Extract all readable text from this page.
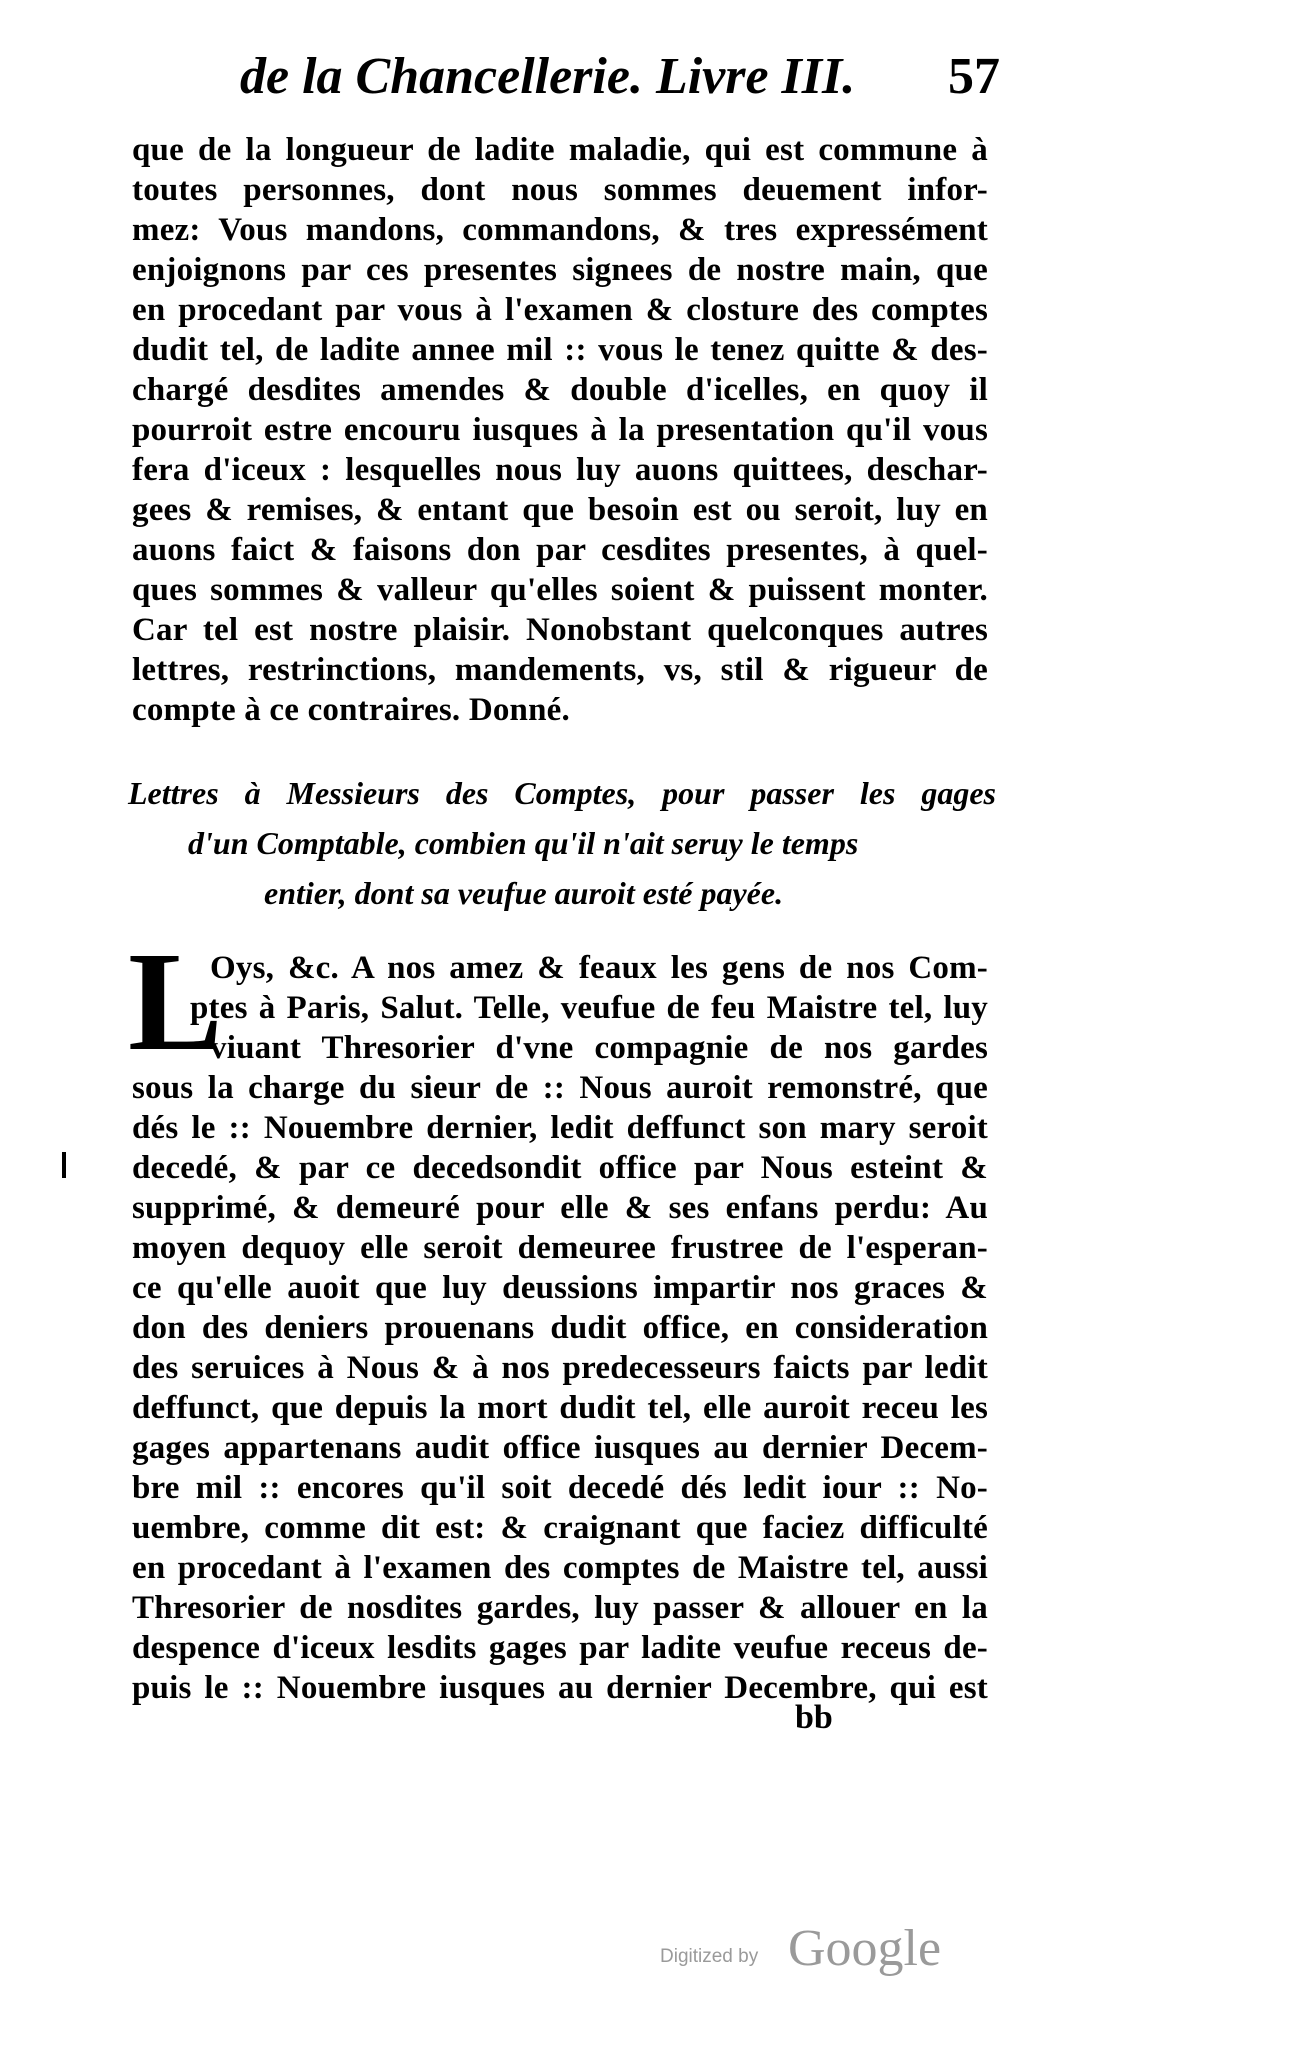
de la Chancellerie. Livre III. 57
que de la longueur de ladite maladie, qui est commune à
toutes personnes, dont nous sommes deuement infor-
mez: Vous mandons, commandons, & tres expressément
enjoignons par ces presentes signees de nostre main, que
en procedant par vous à l'examen & closture des comptes
dudit tel, de ladite annee mil :: vous le tenez quitte & des-
chargé desdites amendes & double d'icelles, en quoy il
pourroit estre encouru iusques à la presentation qu'il vous
fera d'iceux : lesquelles nous luy auons quittees, deschar-
gees & remises, & entant que besoin est ou seroit, luy en
auons faict & faisons don par cesdites presentes, à quel-
ques sommes & valleur qu'elles soient & puissent monter.
Car tel est nostre plaisir. Nonobstant quelconques autres
lettres, restrinctions, mandements, vs, stil & rigueur de
compte à ce contraires. Donné.
Lettres à Messieurs des Comptes, pour passer les gages
d'un Comptable, combien qu'il n'ait seruy le temps
entier, dont sa veufue auroit esté payée.
L
Oys, &c. A nos amez & feaux les gens de nos Com-
ptes à Paris, Salut. Telle, veufue de feu Maistre tel, luy
viuant Thresorier d'vne compagnie de nos gardes
sous la charge du sieur de :: Nous auroit remonstré, que
dés le :: Nouembre dernier, ledit deffunct son mary seroit
decedé, & par ce decedsondit office par Nous esteint &
supprimé, & demeuré pour elle & ses enfans perdu: Au
moyen dequoy elle seroit demeuree frustree de l'esperan-
ce qu'elle auoit que luy deussions impartir nos graces &
don des deniers prouenans dudit office, en consideration
des seruices à Nous & à nos predecesseurs faicts par ledit
deffunct, que depuis la mort dudit tel, elle auroit receu les
gages appartenans audit office iusques au dernier Decem-
bre mil :: encores qu'il soit decedé dés ledit iour :: No-
uembre, comme dit est: & craignant que faciez difficulté
en procedant à l'examen des comptes de Maistre tel, aussi
Thresorier de nosdites gardes, luy passer & allouer en la
despence d'iceux lesdits gages par ladite veufue receus de-
puis le :: Nouembre iusques au dernier Decembre, qui est
bb
Digitized by Google
